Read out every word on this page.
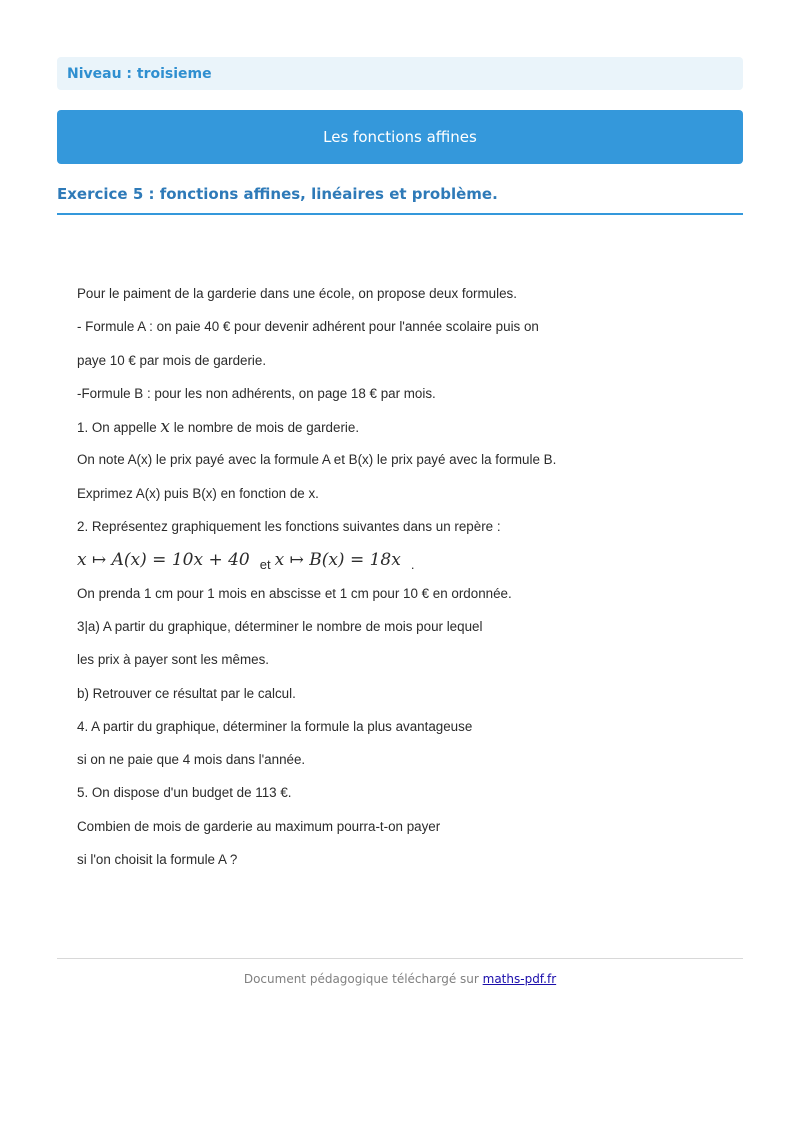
Niveau : troisieme
Les fonctions affines
Exercice 5 : fonctions affines, linéaires et problème.
Pour le paiment de la garderie dans une école, on propose deux formules.
- Formule A : on paie 40 € pour devenir adhérent pour l'année scolaire puis on
paye 10 € par mois de garderie.
-Formule B : pour les non adhérents, on page 18 € par mois.
1. On appelle x le nombre de mois de garderie.
On note A(x) le prix payé avec la formule A et B(x) le prix payé avec la formule B.
Exprimez A(x) puis B(x) en fonction de x.
2. Représentez graphiquement les fonctions suivantes dans un repère :
x ↦ A(x) = 10x + 40 et x ↦ B(x) = 18x .
On prenda 1 cm pour 1 mois en abscisse et 1 cm pour 10 € en ordonnée.
3|a) A partir du graphique, déterminer le nombre de mois pour lequel
les prix à payer sont les mêmes.
b) Retrouver ce résultat par le calcul.
4. A partir du graphique, déterminer la formule la plus avantageuse
si on ne paie que 4 mois dans l'année.
5. On dispose d'un budget de 113 €.
Combien de mois de garderie au maximum pourra-t-on payer
si l'on choisit la formule A ?
Document pédagogique téléchargé sur maths-pdf.fr
